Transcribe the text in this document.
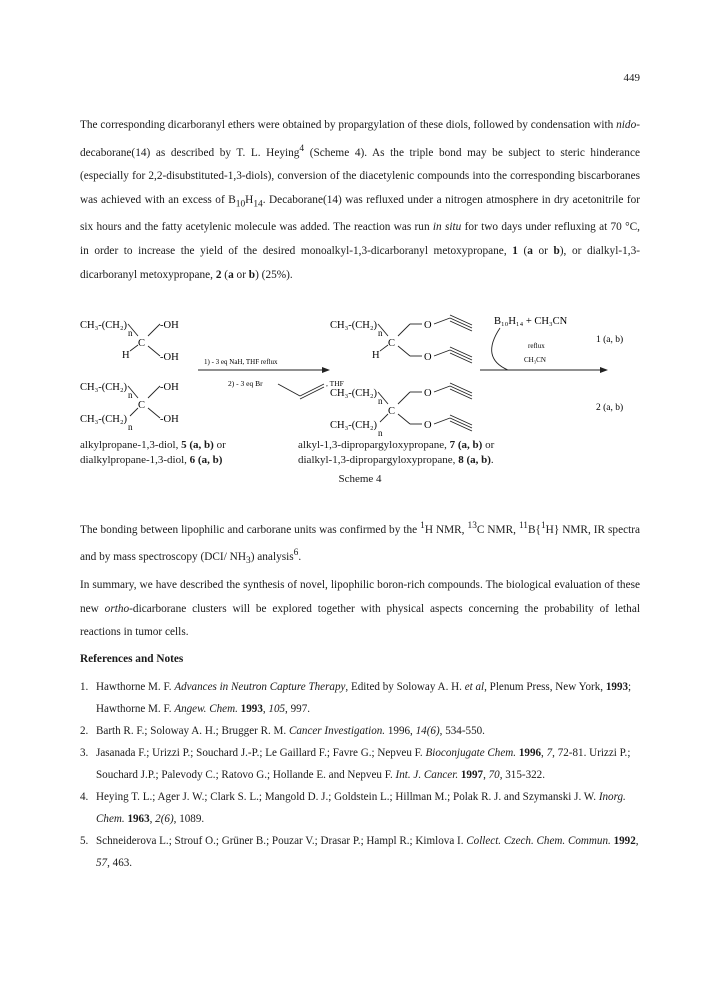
449

The corresponding dicarboranyl ethers were obtained by propargylation of these diols, followed by condensation with nido-decaborane(14) as described by T. L. Heying$^4$ (Scheme 4). As the triple bond may be subject to steric hinderance (especially for 2,2-disubstituted-1,3-diols), conversion of the diacetylenic compounds into the corresponding biscarboranes was achieved with an excess of $B_{10}H_{14}$. Decaborane(14) was refluxed under a nitrogen atmosphere in dry acetonitrile for six hours and the fatty acetylenic molecule was added. The reaction was run in situ for two days under refluxing at 70 °C, in order to increase the yield of the desired monoalkyl-1,3-dicarboranyl metoxypropane, 1 (a or b), or dialkyl-1,3-dicarboranyl metoxypropane, 2 (a or b) (25%).

CH₃-(CH₂)
n
C
-OH
-OH
H
CH₃-(CH₂)
n
C
-OH
-OH
CH₃-(CH₂)
n
1) - 3 eq NaH, THF reflux
2) - 3 eq Br	, THF
CH₃-(CH₂)
n
C
O
O
H
CH₃-(CH₂)
n
C
O
O
CH₃-(CH₂)
n
B₁₀H₁₄ + CH₃CN
reflux
CH₃CN
1 (a, b)
2 (a, b)
alkylpropane-1,3-diol, 5 (a, b) or
dialkylpropane-1,3-diol, 6 (a, b)
alkyl-1,3-dipropargyloxypropane, 7 (a, b) or
dialkyl-1,3-dipropargyloxypropane, 8 (a, b).
Scheme 4

The bonding between lipophilic and carborane units was confirmed by the $^1$H NMR, $^{13}$C NMR, $^{11}$B{$^1$H} NMR, IR spectra and by mass spectroscopy (DCI/ $NH_3$) analysis$^6$.
In summary, we have described the synthesis of novel, lipophilic boron-rich compounds. The biological evaluation of these new ortho-dicarborane clusters will be explored together with physical aspects concerning the probability of lethal reactions in tumor cells.

References and Notes
1. Hawthorne M. F. Advances in Neutron Capture Therapy, Edited by Soloway A. H. et al, Plenum Press, New York, 1993; Hawthorne M. F. Angew. Chem. 1993, 105, 997.
2. Barth R. F.; Soloway A. H.; Brugger R. M. Cancer Investigation. 1996, 14(6), 534-550.
3. Jasanada F.; Urizzi P.; Souchard J.-P.; Le Gaillard F.; Favre G.; Nepveu F. Bioconjugate Chem. 1996, 7, 72-81. Urizzi P.; Souchard J.P.; Palevody C.; Ratovo G.; Hollande E. and Nepveu F. Int. J. Cancer. 1997, 70, 315-322.
4. Heying T. L.; Ager J. W.; Clark S. L.; Mangold D. J.; Goldstein L.; Hillman M.; Polak R. J. and Szymanski J. W. Inorg. Chem. 1963, 2(6), 1089.
5. Schneiderova L.; Strouf O.; Grüner B.; Pouzar V.; Drasar P.; Hampl R.; Kimlova I. Collect. Czech. Chem. Commun. 1992, 57, 463.
